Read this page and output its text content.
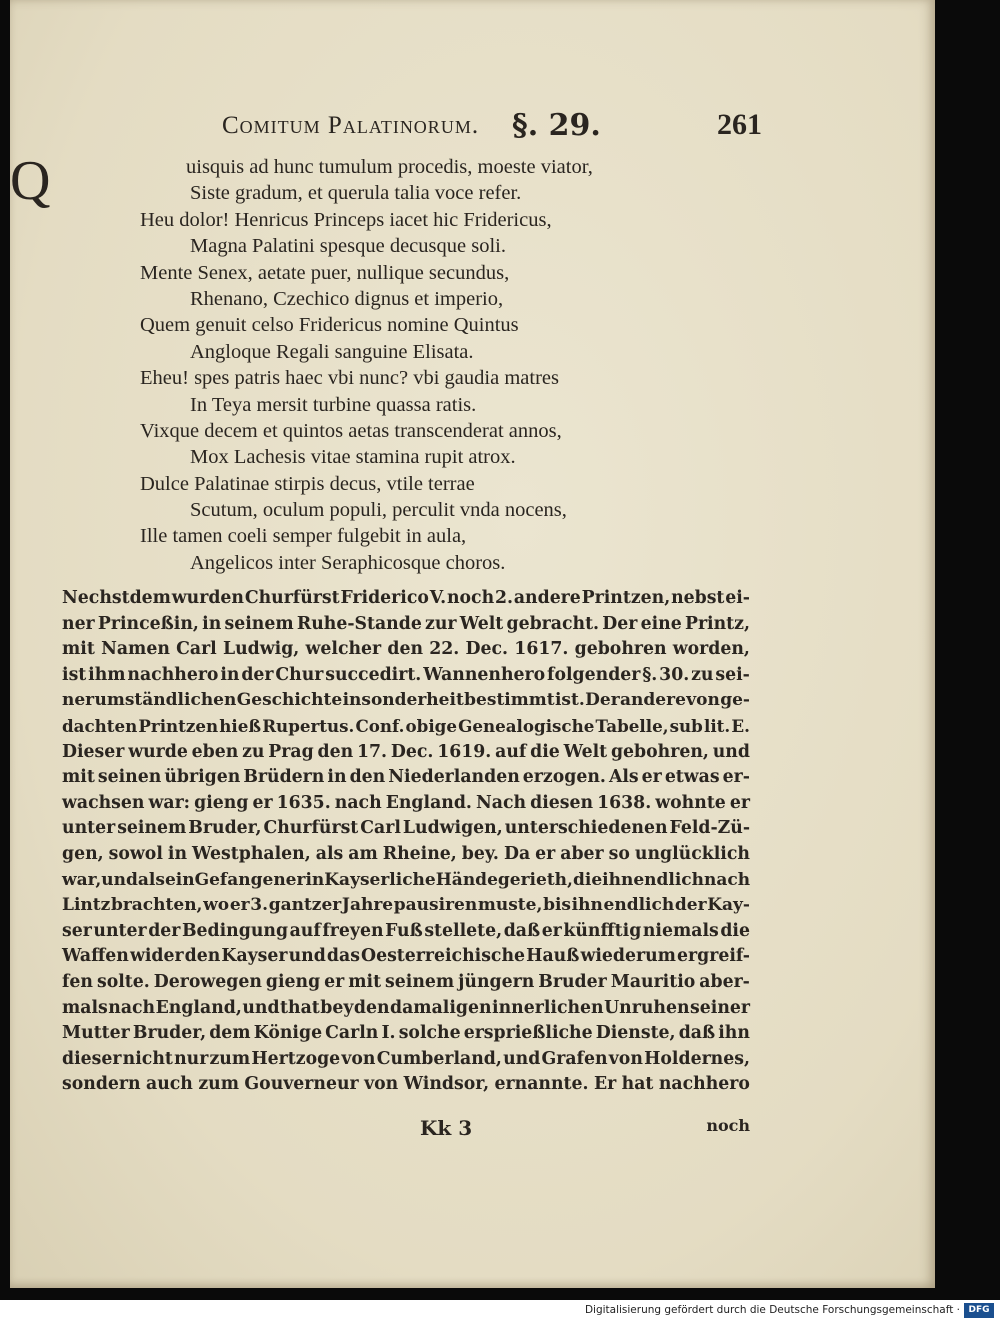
Comitum Palatinorum. §. 29.	261
Q	uisquis ad hunc tumulum procedis, moeste viator,
Siste gradum, et querula talia voce refer.
Heu dolor! Henricus Princeps iacet hic Fridericus,
Magna Palatini spesque decusque soli.
Mente Senex, aetate puer, nullique secundus,
Rhenano, Czechico dignus et imperio,
Quem genuit celso Fridericus nomine Quintus
Angloque Regali sanguine Elisata.
Eheu! spes patris haec vbi nunc? vbi gaudia matres
In Teya mersit turbine quassa ratis.
Vixque decem et quintos aetas transcenderat annos,
Mox Lachesis vitae stamina rupit atrox.
Dulce Palatinae stirpis decus, vtile terrae
Scutum, oculum populi, perculit vnda nocens,
Ille tamen coeli semper fulgebit in aula,
Angelicos inter Seraphicosque choros.
Nechstdem wurden Churfürst Friderico V. noch 2. andere Printzen, nebst ei-
ner Princeßin, in seinem Ruhe-Stande zur Welt gebracht. Der eine Printz,
mit Namen Carl Ludwig, welcher den 22. Dec. 1617. gebohren worden,
ist ihm nachhero in der Chur succedirt. Wannenhero folgender §. 30. zu sei-
ner umständlichen Geschichte insonderheit bestimmt ist. Der andere von ge-
dachten Printzen hieß Rupertus. Conf. obige Genealogische Tabelle, sub lit. E.
Dieser wurde eben zu Prag den 17. Dec. 1619. auf die Welt gebohren, und
mit seinen übrigen Brüdern in den Niederlanden erzogen. Als er etwas er-
wachsen war: gieng er 1635. nach England. Nach diesen 1638. wohnte er
unter seinem Bruder, Churfürst Carl Ludwigen, unterschiedenen Feld-Zü-
gen, sowol in Westphalen, als am Rheine, bey. Da er aber so unglücklich
war, und als ein Gefangener in Kayserliche Hände gerieth, die ihn endlich nach
Lintz brachten, wo er 3. gantzer Jahre pausiren muste, bis ihn endlich der Kay-
ser unter der Bedingung auf freyen Fuß stellete, daß er künfftig niemals die
Waffen wider den Kayser und das Oesterreichische Hauß wiederum ergreif-
fen solte. Derowegen gieng er mit seinem jüngern Bruder Mauritio aber-
mals nach England, und that bey den damaligen innerlichen Unruhen seiner
Mutter Bruder, dem Könige Carln I. solche ersprießliche Dienste, daß ihn
dieser nicht nur zum Hertzoge von Cumberland, und Grafen von Holdernes,
sondern auch zum Gouverneur von Windsor, ernannte. Er hat nachhero
Kk 3	noch
Digitalisierung gefördert durch die Deutsche Forschungsgemeinschaft · DFG
